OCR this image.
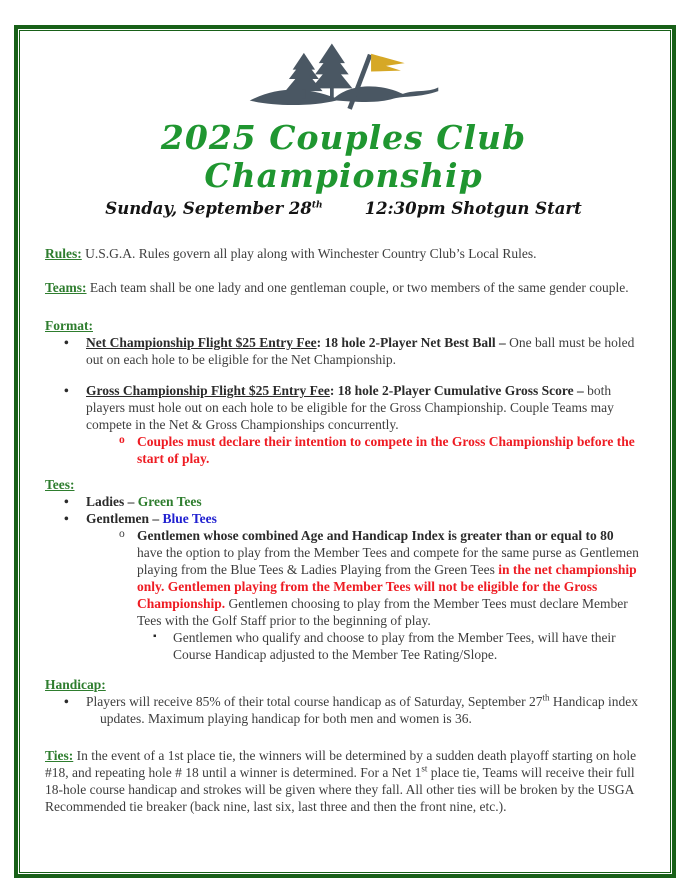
2025 Couples Club Championship
Sunday, September 28th	12:30pm Shotgun Start
Rules: U.S.G.A. Rules govern all play along with Winchester Country Club’s Local Rules.
Teams: Each team shall be one lady and one gentleman couple, or two members of the same gender couple.
Format:
• Net Championship Flight $25 Entry Fee: 18 hole 2-Player Net Best Ball – One ball must be holed out on each hole to be eligible for the Net Championship.
• Gross Championship Flight $25 Entry Fee: 18 hole 2-Player Cumulative Gross Score – both players must hole out on each hole to be eligible for the Gross Championship. Couple Teams may compete in the Net & Gross Championships concurrently.
o Couples must declare their intention to compete in the Gross Championship before the start of play.
Tees:
• Ladies – Green Tees
• Gentlemen – Blue Tees
o Gentlemen whose combined Age and Handicap Index is greater than or equal to 80 have the option to play from the Member Tees and compete for the same purse as Gentlemen playing from the Blue Tees & Ladies Playing from the Green Tees in the net championship only. Gentlemen playing from the Member Tees will not be eligible for the Gross Championship. Gentlemen choosing to play from the Member Tees must declare Member Tees with the Golf Staff prior to the beginning of play.
▪ Gentlemen who qualify and choose to play from the Member Tees, will have their Course Handicap adjusted to the Member Tee Rating/Slope.
Handicap:
• Players will receive 85% of their total course handicap as of Saturday, September 27th Handicap index updates. Maximum playing handicap for both men and women is 36.
Ties: In the event of a 1st place tie, the winners will be determined by a sudden death playoff starting on hole #18, and repeating hole # 18 until a winner is determined. For a Net 1st place tie, Teams will receive their full 18-hole course handicap and strokes will be given where they fall. All other ties will be broken by the USGA Recommended tie breaker (back nine, last six, last three and then the front nine, etc.).
